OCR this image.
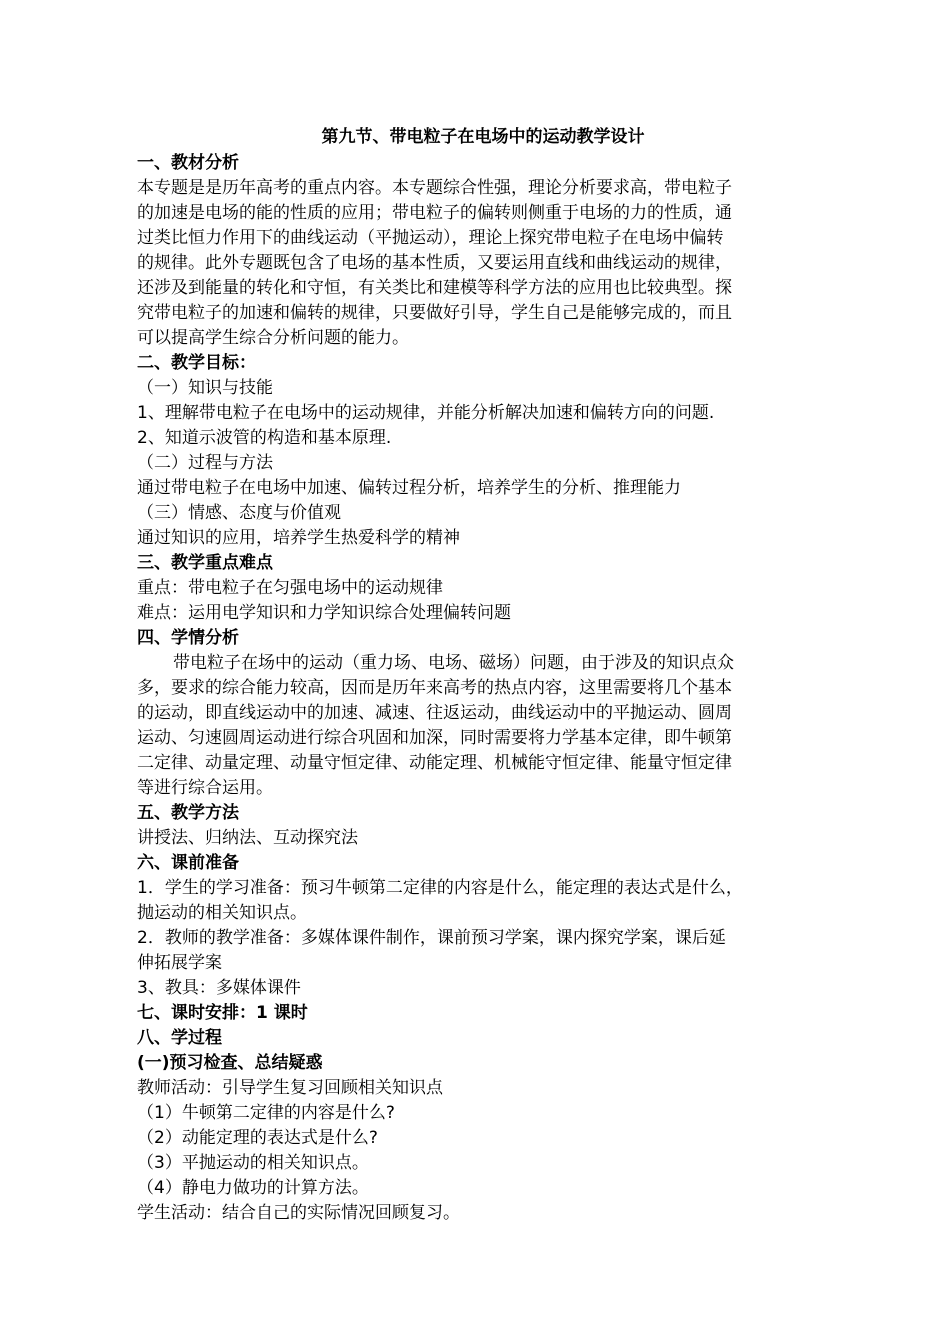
第九节、带电粒子在电场中的运动教学设计
一、教材分析
本专题是是历年高考的重点内容。本专题综合性强，理论分析要求高，带电粒子
的加速是电场的能的性质的应用；带电粒子的偏转则侧重于电场的力的性质，通
过类比恒力作用下的曲线运动（平抛运动），理论上探究带电粒子在电场中偏转
的规律。此外专题既包含了电场的基本性质，又要运用直线和曲线运动的规律，
还涉及到能量的转化和守恒，有关类比和建模等科学方法的应用也比较典型。探
究带电粒子的加速和偏转的规律，只要做好引导，学生自己是能够完成的，而且
可以提高学生综合分析问题的能力。
二、教学目标：
（一）知识与技能
1、理解带电粒子在电场中的运动规律，并能分析解决加速和偏转方向的问题.
2、知道示波管的构造和基本原理.
（二）过程与方法
通过带电粒子在电场中加速、偏转过程分析，培养学生的分析、推理能力
（三）情感、态度与价值观
通过知识的应用，培养学生热爱科学的精神
三、教学重点难点
重点：带电粒子在匀强电场中的运动规律
难点：运用电学知识和力学知识综合处理偏转问题
四、学情分析
带电粒子在场中的运动（重力场、电场、磁场）问题，由于涉及的知识点众
多，要求的综合能力较高，因而是历年来高考的热点内容，这里需要将几个基本
的运动，即直线运动中的加速、减速、往返运动，曲线运动中的平抛运动、圆周
运动、匀速圆周运动进行综合巩固和加深，同时需要将力学基本定律，即牛顿第
二定律、动量定理、动量守恒定律、动能定理、机械能守恒定律、能量守恒定律
等进行综合运用。
五、教学方法
讲授法、归纳法、互动探究法
六、课前准备
1．学生的学习准备：预习牛顿第二定律的内容是什么，能定理的表达式是什么，
抛运动的相关知识点。
2．教师的教学准备：多媒体课件制作，课前预习学案，课内探究学案，课后延
伸拓展学案
3、教具：多媒体课件
七、课时安排：1 课时
八、学过程
(一)预习检查、总结疑惑
教师活动：引导学生复习回顾相关知识点
（1）牛顿第二定律的内容是什么?
（2）动能定理的表达式是什么?
（3）平抛运动的相关知识点。
（4）静电力做功的计算方法。
学生活动：结合自己的实际情况回顾复习。
